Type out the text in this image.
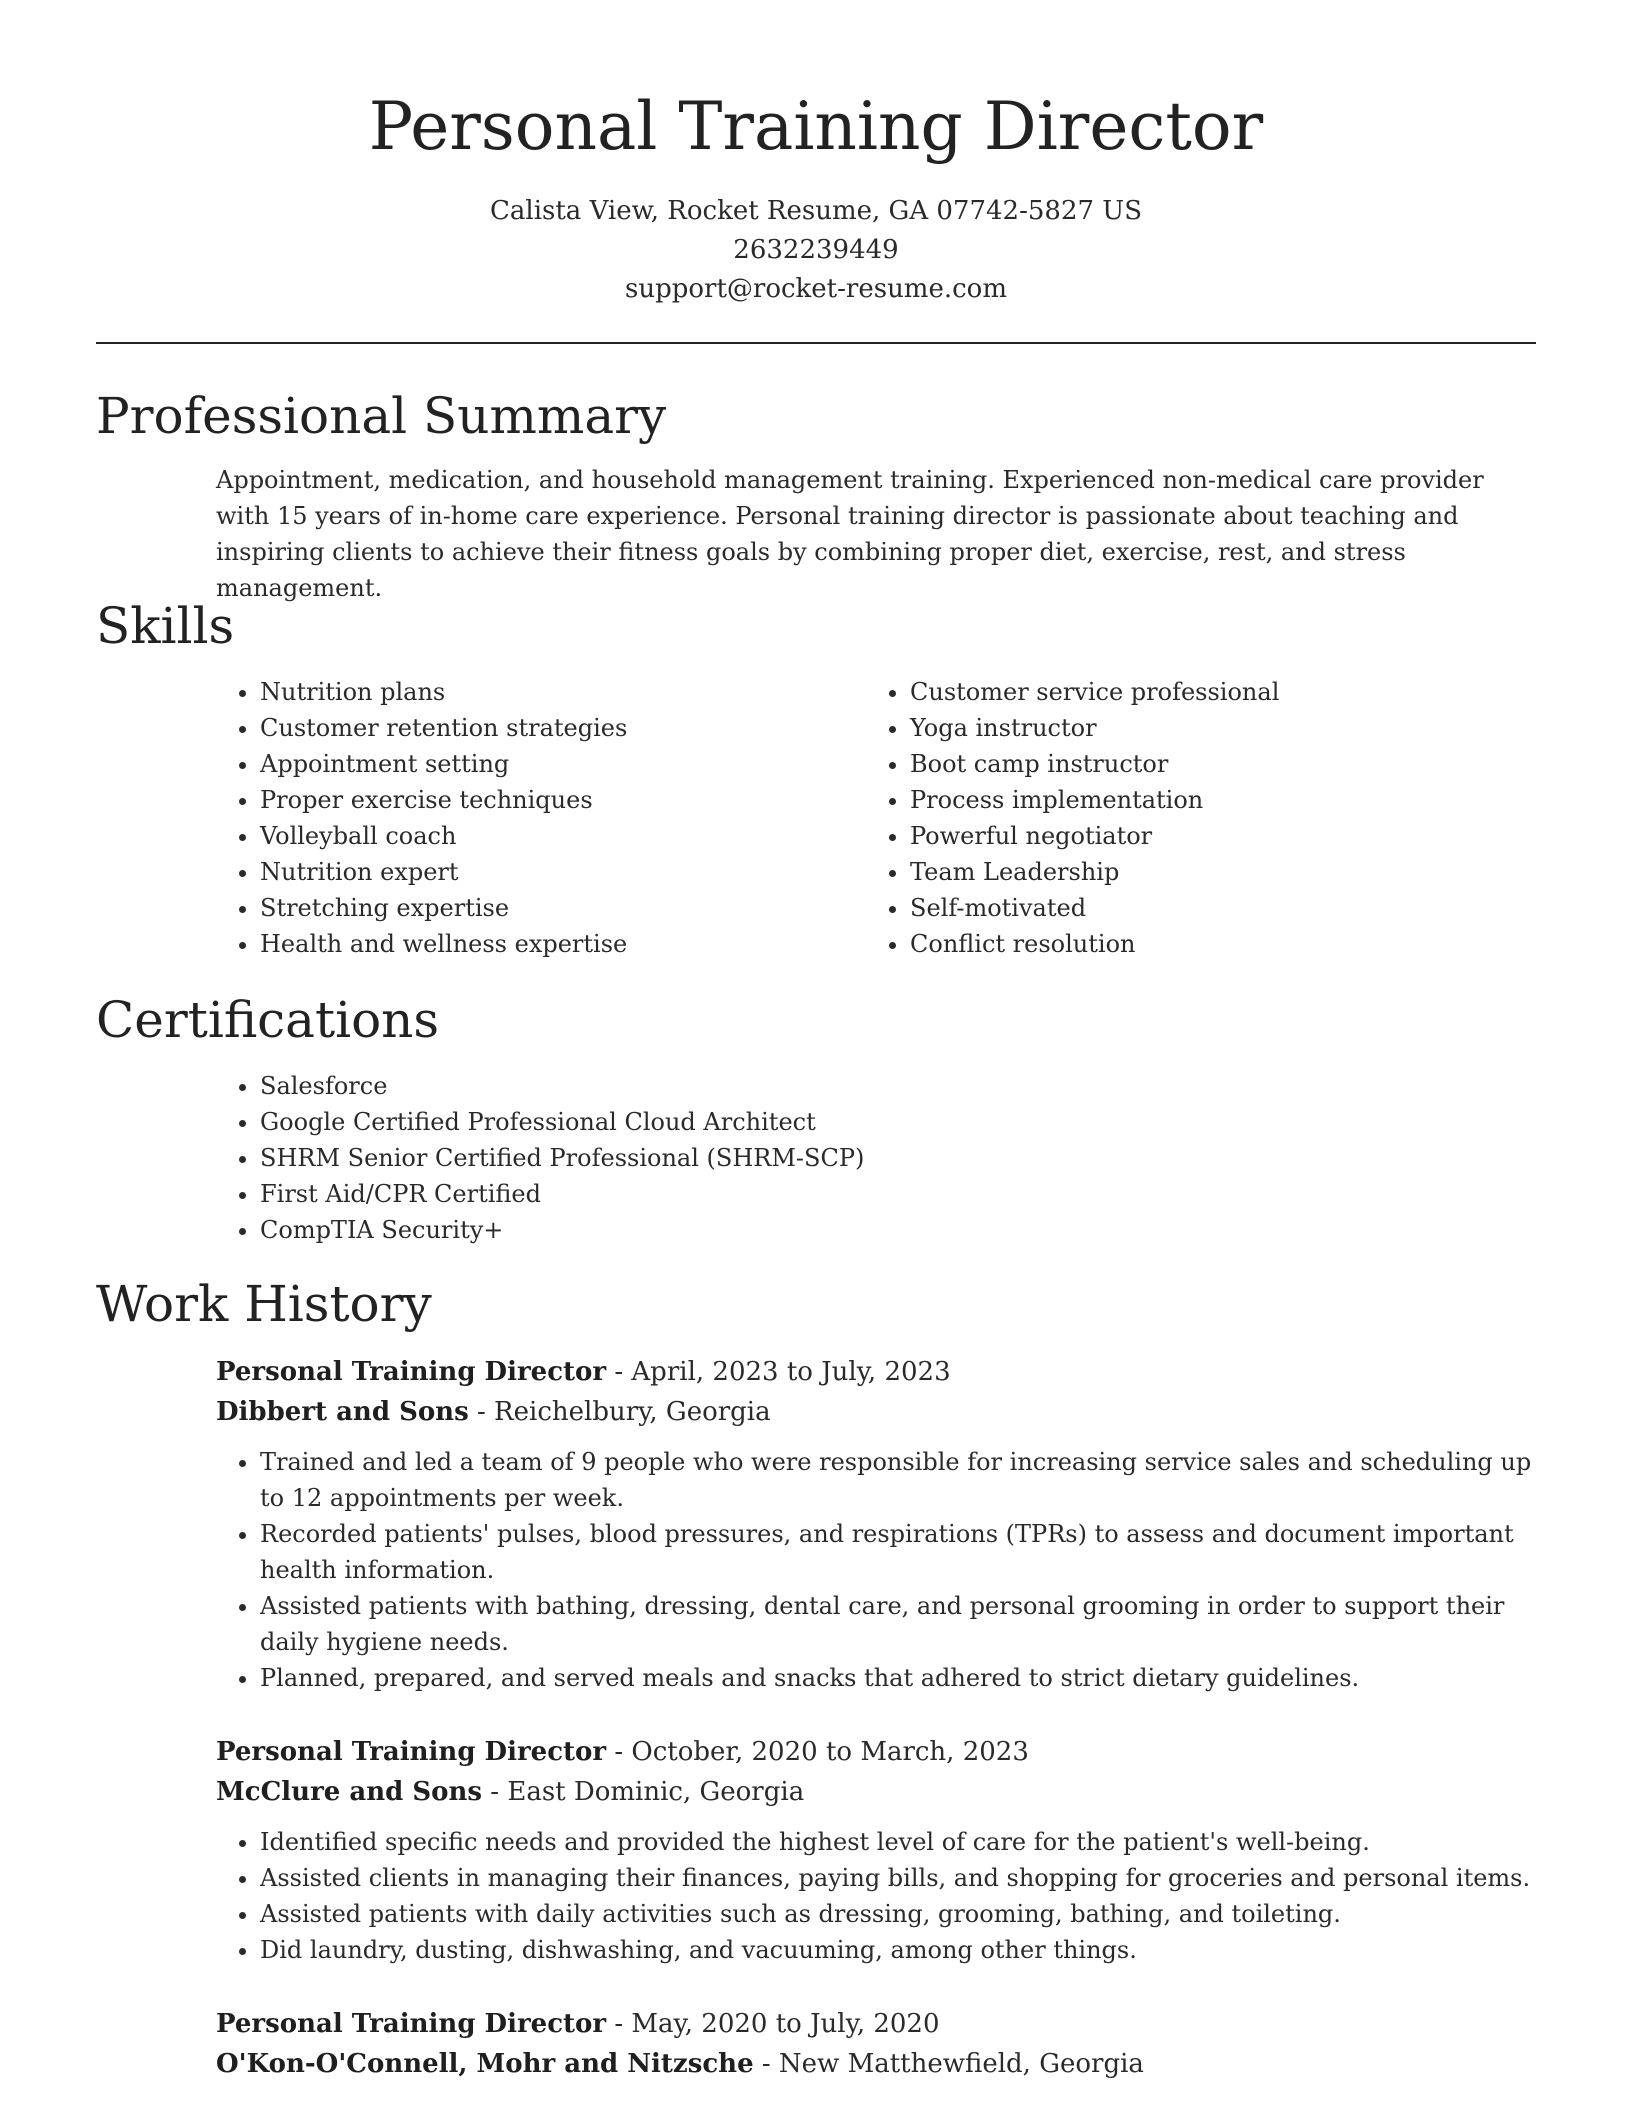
Personal Training Director
Calista View, Rocket Resume, GA 07742-5827 US
2632239449
support@rocket-resume.com
Professional Summary

Appointment, medication, and household management training. Experienced non-medical care provider with 15 years of in-home care experience. Personal training director is passionate about teaching and inspiring clients to achieve their fitness goals by combining proper diet, exercise, rest, and stress management.

Skills
• Nutrition plans
• Customer retention strategies
• Appointment setting
• Proper exercise techniques
• Volleyball coach
• Nutrition expert
• Stretching expertise
• Health and wellness expertise
• Customer service professional
• Yoga instructor
• Boot camp instructor
• Process implementation
• Powerful negotiator
• Team Leadership
• Self-motivated
• Conflict resolution
Certifications
• Salesforce
• Google Certified Professional Cloud Architect
• SHRM Senior Certified Professional (SHRM-SCP)
• First Aid/CPR Certified
• CompTIA Security+
Work History

Personal Training Director - April, 2023 to July, 2023

Dibbert and Sons - Reichelbury, Georgia

• Trained and led a team of 9 people who were responsible for increasing service sales and scheduling up to 12 appointments per week.
• Recorded patients' pulses, blood pressures, and respirations (TPRs) to assess and document important health information.
• Assisted patients with bathing, dressing, dental care, and personal grooming in order to support their daily hygiene needs.
• Planned, prepared, and served meals and snacks that adhered to strict dietary guidelines.

Personal Training Director - October, 2020 to March, 2023

McClure and Sons - East Dominic, Georgia

• Identified specific needs and provided the highest level of care for the patient's well-being.
• Assisted clients in managing their finances, paying bills, and shopping for groceries and personal items.
• Assisted patients with daily activities such as dressing, grooming, bathing, and toileting.
• Did laundry, dusting, dishwashing, and vacuuming, among other things.

Personal Training Director - May, 2020 to July, 2020

O'Kon-O'Connell, Mohr and Nitzsche - New Matthewfield, Georgia
